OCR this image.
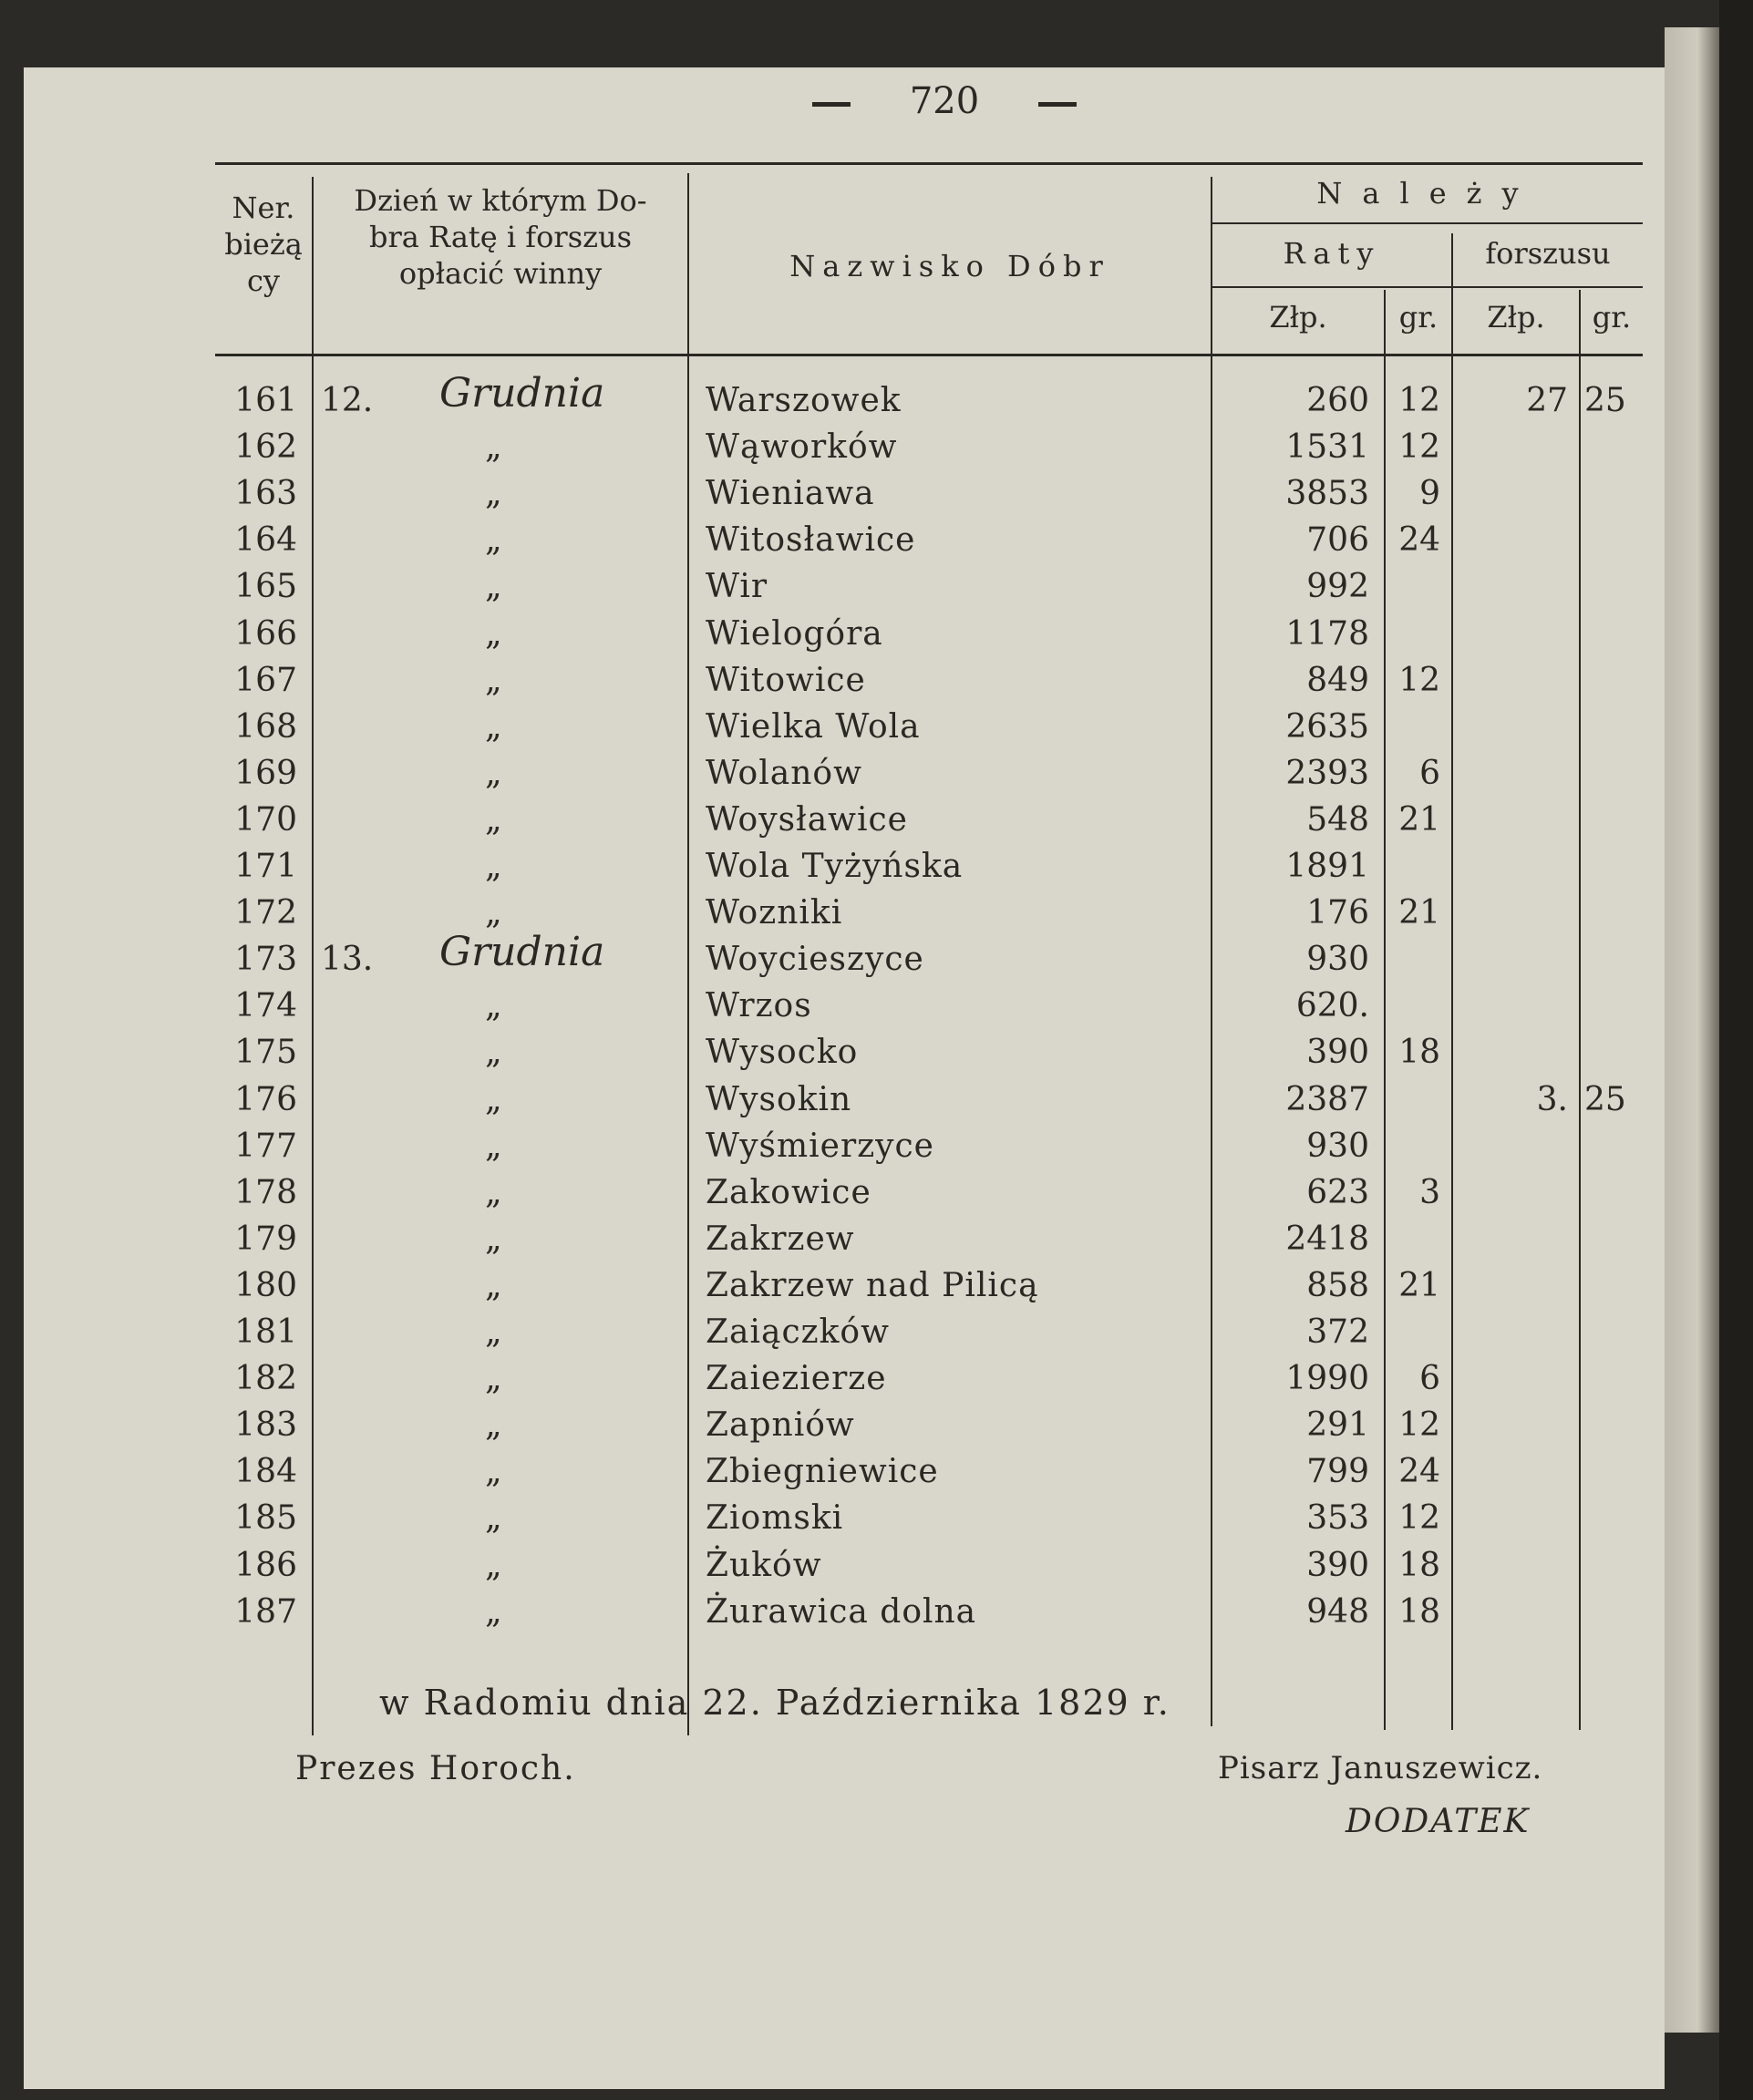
720
Ner.
bieżą
cy
Dzień w którym Do-
bra Ratę i forszus
opłacić winny	Nazwisko Dóbr
Należy
Raty	forszusu
Złp.	gr.	Złp.	gr.
161 12. Grudnia	Warszowek	260 12	27 25
162	„	Wąworków	1531 12
163	„	Wieniawa	3853	9
164	„	Witosławice	706 24
165	„	Wir	992
166	„	Wielogóra	1178
167	„	Witowice	849 12
168	„	Wielka Wola	2635
169	„	Wolanów	2393	6
170	„	Woysławice	548 21
171	„	Wola Tyżyńska	1891
172	„	Wozniki	176 21
173 13. Grudnia	Woycieszyce	930
174	„	Wrzos	620.
175	„	Wysocko	390 18
176	„	Wysokin	2387	3. 25
177	„	Wyśmierzyce	930
178	„	Zakowice	623	3
179	„	Zakrzew	2418
180	„	Zakrzew nad Pilicą	858 21
181	„	Zaiączków	372
182	„	Zaiezierze	1990	6
183	„	Zapniów	291 12
184	„	Zbiegniewice	799 24
185	„	Ziomski	353 12
186	„	Żuków	390 18
187	„	Żurawica dolna	948 18
w Radomiu dnia 22. Października 1829 r.
Prezes Horoch.	Pisarz Januszewicz.
DODATEK
